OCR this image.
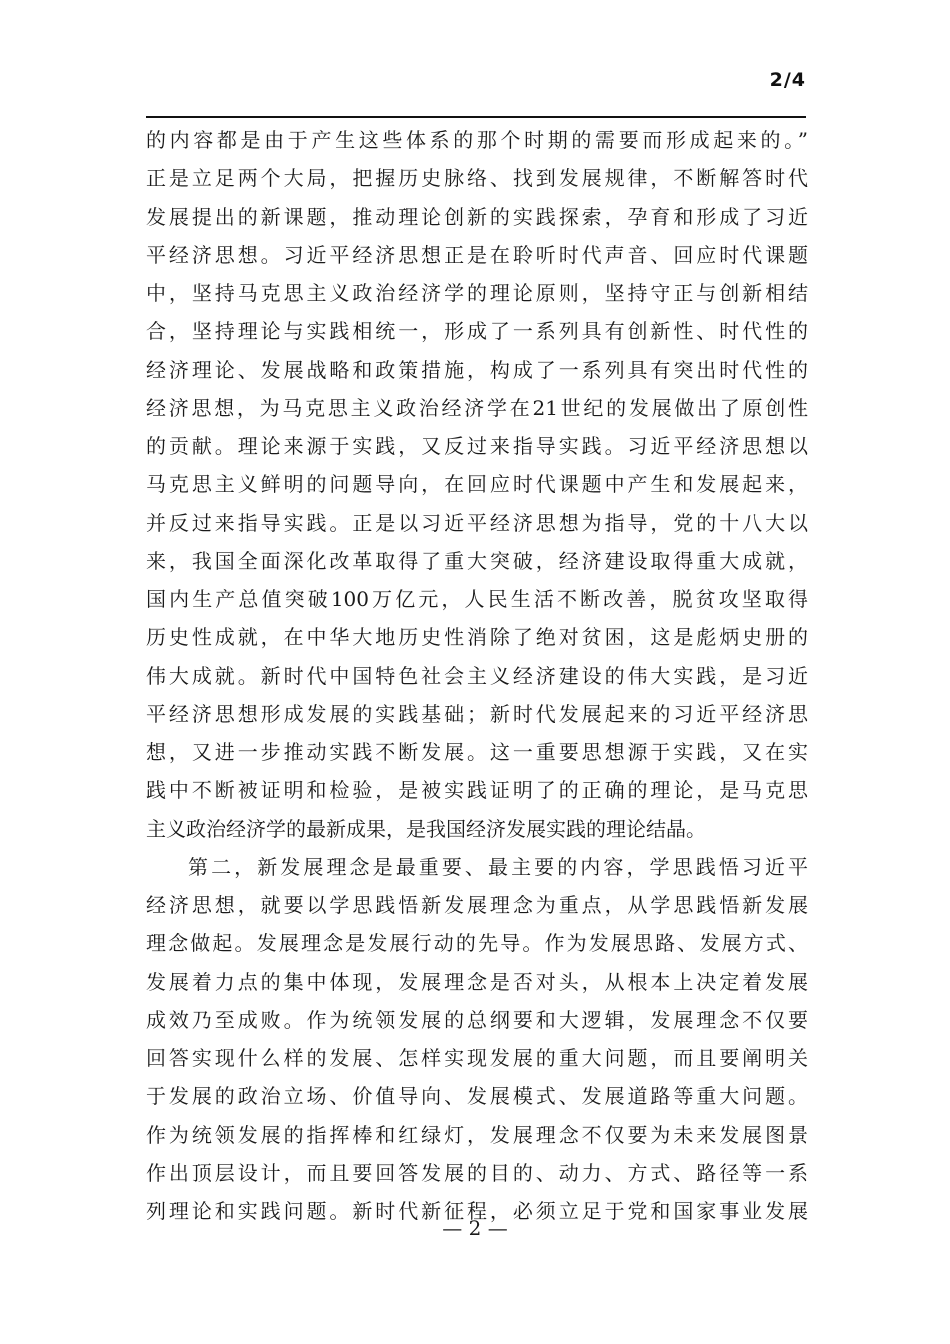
2/4
的内容都是由于产生这些体系的那个时期的需要而形成起来的。”
正是立足两个大局，把握历史脉络、找到发展规律，不断解答时代
发展提出的新课题，推动理论创新的实践探索，孕育和形成了习近
平经济思想。习近平经济思想正是在聆听时代声音、回应时代课题
中，坚持马克思主义政治经济学的理论原则，坚持守正与创新相结
合，坚持理论与实践相统一，形成了一系列具有创新性、时代性的
经济理论、发展战略和政策措施，构成了一系列具有突出时代性的
经济思想，为马克思主义政治经济学在21世纪的发展做出了原创性
的贡献。理论来源于实践，又反过来指导实践。习近平经济思想以
马克思主义鲜明的问题导向，在回应时代课题中产生和发展起来，
并反过来指导实践。正是以习近平经济思想为指导，党的十八大以
来，我国全面深化改革取得了重大突破，经济建设取得重大成就，
国内生产总值突破100万亿元，人民生活不断改善，脱贫攻坚取得
历史性成就，在中华大地历史性消除了绝对贫困，这是彪炳史册的
伟大成就。新时代中国特色社会主义经济建设的伟大实践，是习近
平经济思想形成发展的实践基础；新时代发展起来的习近平经济思
想，又进一步推动实践不断发展。这一重要思想源于实践，又在实
践中不断被证明和检验，是被实践证明了的正确的理论，是马克思
主义政治经济学的最新成果，是我国经济发展实践的理论结晶。
第二，新发展理念是最重要、最主要的内容，学思践悟习近平
经济思想，就要以学思践悟新发展理念为重点，从学思践悟新发展
理念做起。发展理念是发展行动的先导。作为发展思路、发展方式、
发展着力点的集中体现，发展理念是否对头，从根本上决定着发展
成效乃至成败。作为统领发展的总纲要和大逻辑，发展理念不仅要
回答实现什么样的发展、怎样实现发展的重大问题，而且要阐明关
于发展的政治立场、价值导向、发展模式、发展道路等重大问题。
作为统领发展的指挥棒和红绿灯，发展理念不仅要为未来发展图景
作出顶层设计，而且要回答发展的目的、动力、方式、路径等一系
列理论和实践问题。新时代新征程，必须立足于党和国家事业发展
— 2 —
